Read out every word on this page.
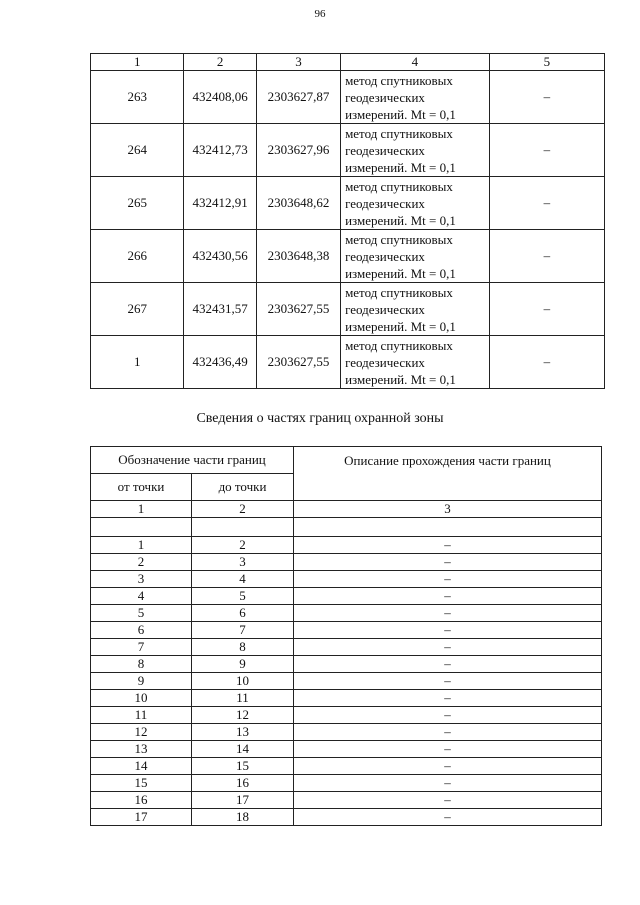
96
1	2	3	4	5
263	432408,06	2303627,87	метод спутниковых
геодезических
измерений. Mt = 0,1	–
264	432412,73	2303627,96	метод спутниковых
геодезических
измерений. Mt = 0,1	–
265	432412,91	2303648,62	метод спутниковых
геодезических
измерений. Mt = 0,1	–
266	432430,56	2303648,38	метод спутниковых
геодезических
измерений. Mt = 0,1	–
267	432431,57	2303627,55	метод спутниковых
геодезических
измерений. Mt = 0,1	–
1	432436,49	2303627,55	метод спутниковых
геодезических
измерений. Mt = 0,1	–
Сведения о частях границ охранной зоны
Обозначение части границ		Описание прохождения части границ
от точки	до точки	
1	2	3

1	2	–
2	3	–
3	4	–
4	5	–
5	6	–
6	7	–
7	8	–
8	9	–
9	10	–
10	11	–
11	12	–
12	13	–
13	14	–
14	15	–
15	16	–
16	17	–
17	18	–
